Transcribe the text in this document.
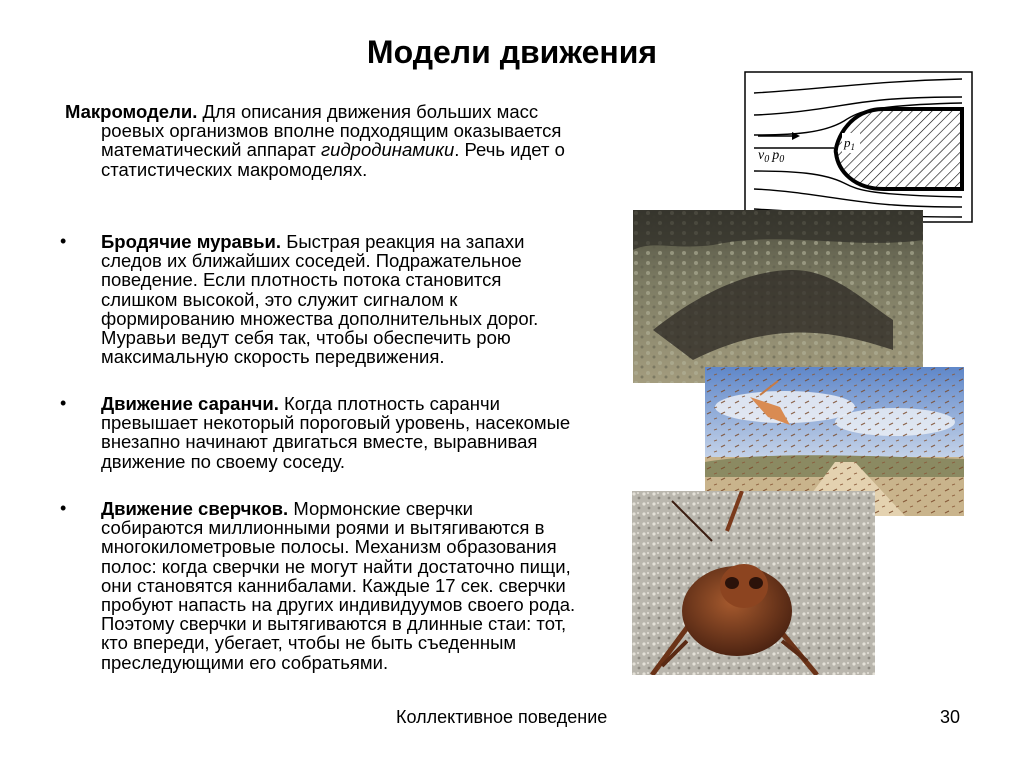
Модели движения
Макромодели. Для описания движения больших масс
роевых организмов вполне подходящим оказывается
математический аппарат гидродинамики. Речь идет о
статистических макромоделях.
• Бродячие муравьи. Быстрая реакция на запахи
следов их ближайших соседей. Подражательное
поведение. Если плотность потока становится
слишком высокой, это служит сигналом к
формированию множества дополнительных дорог.
Муравьи ведут себя так, чтобы обеспечить рою
максимальную скорость передвижения.
• Движение саранчи. Когда плотность саранчи
превышает некоторый пороговый уровень, насекомые
внезапно начинают двигаться вместе, выравнивая
движение по своему соседу.
• Движение сверчков. Мормонские сверчки
собираются миллионными роями и вытягиваются в
многокилометровые полосы. Механизм образования
полос: когда сверчки не могут найти достаточно пищи,
они становятся каннибалами. Каждые 17 сек. сверчки
пробуют напасть на других индивидуумов своего рода.
Поэтому сверчки и вытягиваются в длинные стаи: тот,
кто впереди, убегает, чтобы не быть съеденным
преследующими его собратьями.
$p_1$
$v_0$ $p_0$
Коллективное поведение	30
